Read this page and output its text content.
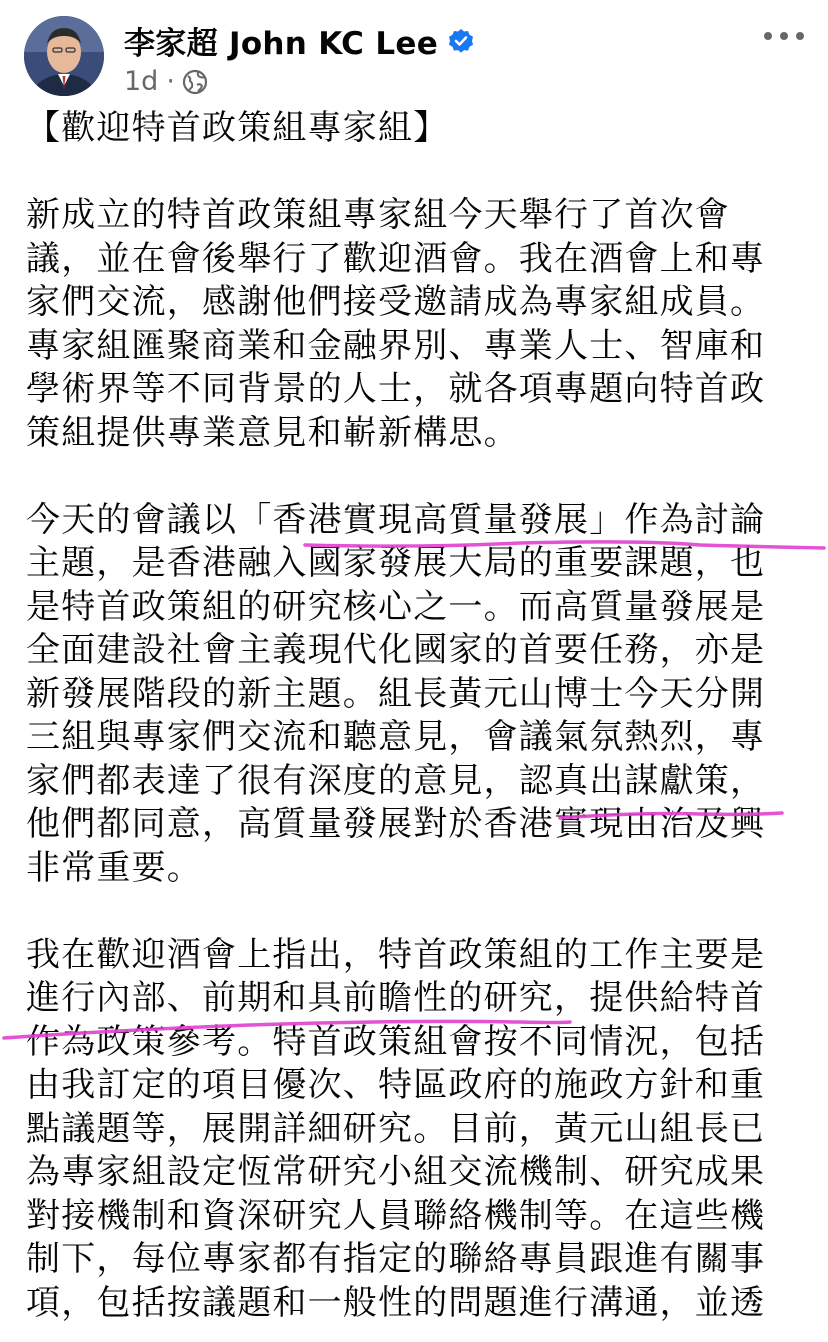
李家超 John KC Lee
1d ·
【歡迎特首政策組專家組】
新成立的特首政策組專家組今天舉行了首次會
議，並在會後舉行了歡迎酒會。我在酒會上和專
家們交流，感謝他們接受邀請成為專家組成員。
專家組匯聚商業和金融界別、專業人士、智庫和
學術界等不同背景的人士，就各項專題向特首政
策組提供專業意見和嶄新構思。
今天的會議以「香港實現高質量發展」作為討論
主題，是香港融入國家發展大局的重要課題，也
是特首政策組的研究核心之一。而高質量發展是
全面建設社會主義現代化國家的首要任務，亦是
新發展階段的新主題。組長黃元山博士今天分開
三組與專家們交流和聽意見，會議氣氛熱烈，專
家們都表達了很有深度的意見，認真出謀獻策，
他們都同意，高質量發展對於香港實現由治及興
非常重要。
我在歡迎酒會上指出，特首政策組的工作主要是
進行內部、前期和具前瞻性的研究，提供給特首
作為政策參考。特首政策組會按不同情況，包括
由我訂定的項目優次、特區政府的施政方針和重
點議題等，展開詳細研究。目前，黃元山組長已
為專家組設定恆常研究小組交流機制、研究成果
對接機制和資深研究人員聯絡機制等。在這些機
制下，每位專家都有指定的聯絡專員跟進有關事
項，包括按議題和一般性的問題進行溝通，並透
